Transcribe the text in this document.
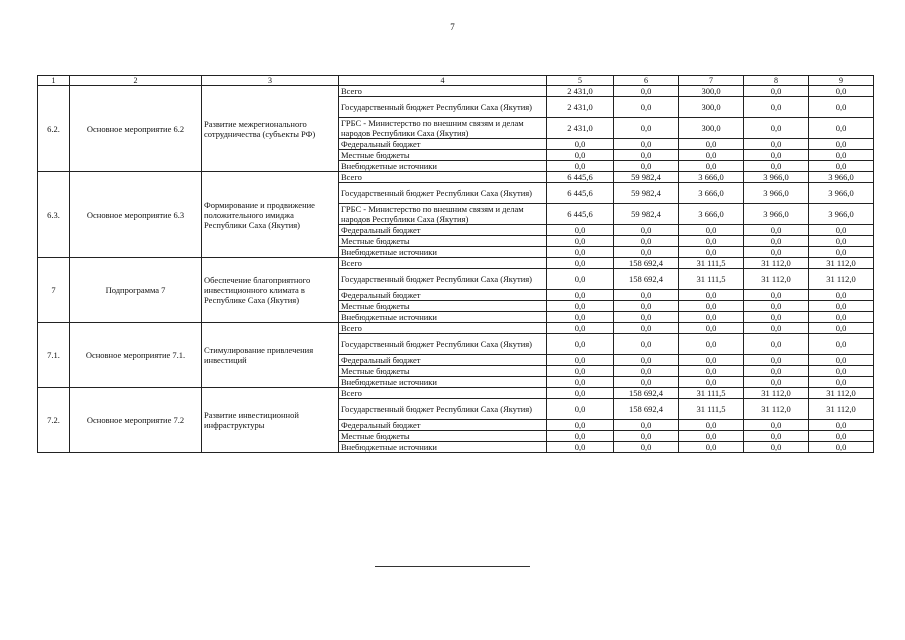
7
1	2	3	4	5	6	7	8	9
6.2.	Основное мероприятие 6.2	Развитие межрегионального сотрудничества (субъекты РФ)	Всего	2 431,0	0,0	300,0	0,0	0,0
			Государственный бюджет Республики Саха (Якутия)	2 431,0	0,0	300,0	0,0	0,0
			ГРБС - Министерство по внешним связям и делам народов Республики Саха (Якутия)	2 431,0	0,0	300,0	0,0	0,0
			Федеральный бюджет	0,0	0,0	0,0	0,0	0,0
			Местные бюджеты	0,0	0,0	0,0	0,0	0,0
			Внебюджетные источники	0,0	0,0	0,0	0,0	0,0
6.3.	Основное мероприятие 6.3	Формирование и продвижение положительного имиджа Республики Саха (Якутия)	Всего	6 445,6	59 982,4	3 666,0	3 966,0	3 966,0
			Государственный бюджет Республики Саха (Якутия)	6 445,6	59 982,4	3 666,0	3 966,0	3 966,0
			ГРБС - Министерство по внешним связям и делам народов Республики Саха (Якутия)	6 445,6	59 982,4	3 666,0	3 966,0	3 966,0
			Федеральный бюджет	0,0	0,0	0,0	0,0	0,0
			Местные бюджеты	0,0	0,0	0,0	0,0	0,0
			Внебюджетные источники	0,0	0,0	0,0	0,0	0,0
7	Подпрограмма 7	Обеспечение благоприятного инвестиционного климата в Республике Саха (Якутия)	Всего	0,0	158 692,4	31 111,5	31 112,0	31 112,0
			Государственный бюджет Республики Саха (Якутия)	0,0	158 692,4	31 111,5	31 112,0	31 112,0
			Федеральный бюджет	0,0	0,0	0,0	0,0	0,0
			Местные бюджеты	0,0	0,0	0,0	0,0	0,0
			Внебюджетные источники	0,0	0,0	0,0	0,0	0,0
7.1.	Основное мероприятие 7.1.	Стимулирование привлечения инвестиций	Всего	0,0	0,0	0,0	0,0	0,0
			Государственный бюджет Республики Саха (Якутия)	0,0	0,0	0,0	0,0	0,0
			Федеральный бюджет	0,0	0,0	0,0	0,0	0,0
			Местные бюджеты	0,0	0,0	0,0	0,0	0,0
			Внебюджетные источники	0,0	0,0	0,0	0,0	0,0
7.2.	Основное мероприятие 7.2	Развитие инвестиционной инфраструктуры	Всего	0,0	158 692,4	31 111,5	31 112,0	31 112,0
			Государственный бюджет Республики Саха (Якутия)	0,0	158 692,4	31 111,5	31 112,0	31 112,0
			Федеральный бюджет	0,0	0,0	0,0	0,0	0,0
			Местные бюджеты	0,0	0,0	0,0	0,0	0,0
			Внебюджетные источники	0,0	0,0	0,0	0,0	0,0
